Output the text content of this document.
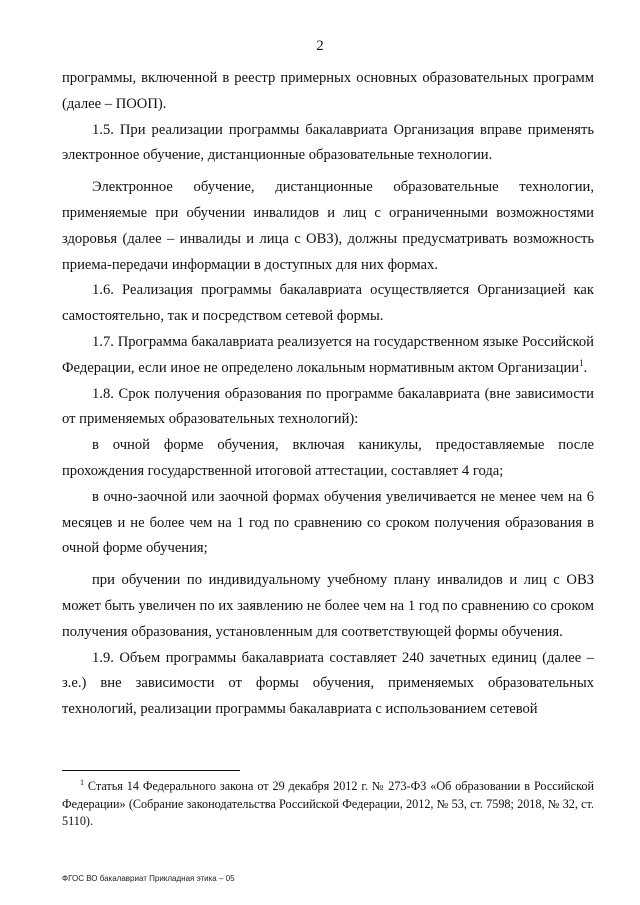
2

программы, включенной в реестр примерных основных образовательных программ (далее – ПООП).

1.5. При реализации программы бакалавриата Организация вправе применять электронное обучение, дистанционные образовательные технологии.

Электронное обучение, дистанционные образовательные технологии, применяемые при обучении инвалидов и лиц с ограниченными возможностями здоровья (далее – инвалиды и лица с ОВЗ), должны предусматривать возможность приема-передачи информации в доступных для них формах.

1.6. Реализация программы бакалавриата осуществляется Организацией как самостоятельно, так и посредством сетевой формы.

1.7. Программа бакалавриата реализуется на государственном языке Российской Федерации, если иное не определено локальным нормативным актом Организации$^1$.

1.8. Срок получения образования по программе бакалавриата (вне зависимости от применяемых образовательных технологий):

в очной форме обучения, включая каникулы, предоставляемые после прохождения государственной итоговой аттестации, составляет 4 года;

в очно-заочной или заочной формах обучения увеличивается не менее чем на 6 месяцев и не более чем на 1 год по сравнению со сроком получения образования в очной форме обучения;

при обучении по индивидуальному учебному плану инвалидов и лиц с ОВЗ может быть увеличен по их заявлению не более чем на 1 год по сравнению со сроком получения образования, установленным для соответствующей формы обучения.

1.9. Объем программы бакалавриата составляет 240 зачетных единиц (далее – з.е.) вне зависимости от формы обучения, применяемых образовательных технологий, реализации программы бакалавриата с использованием сетевой

$^1$ Статья 14 Федерального закона от 29 декабря 2012 г. № 273-ФЗ «Об образовании в Российской Федерации» (Собрание законодательства Российской Федерации, 2012, № 53, ст. 7598; 2018, № 32, ст. 5110).

ФГОС ВО бакалавриат Прикладная этика – 05
